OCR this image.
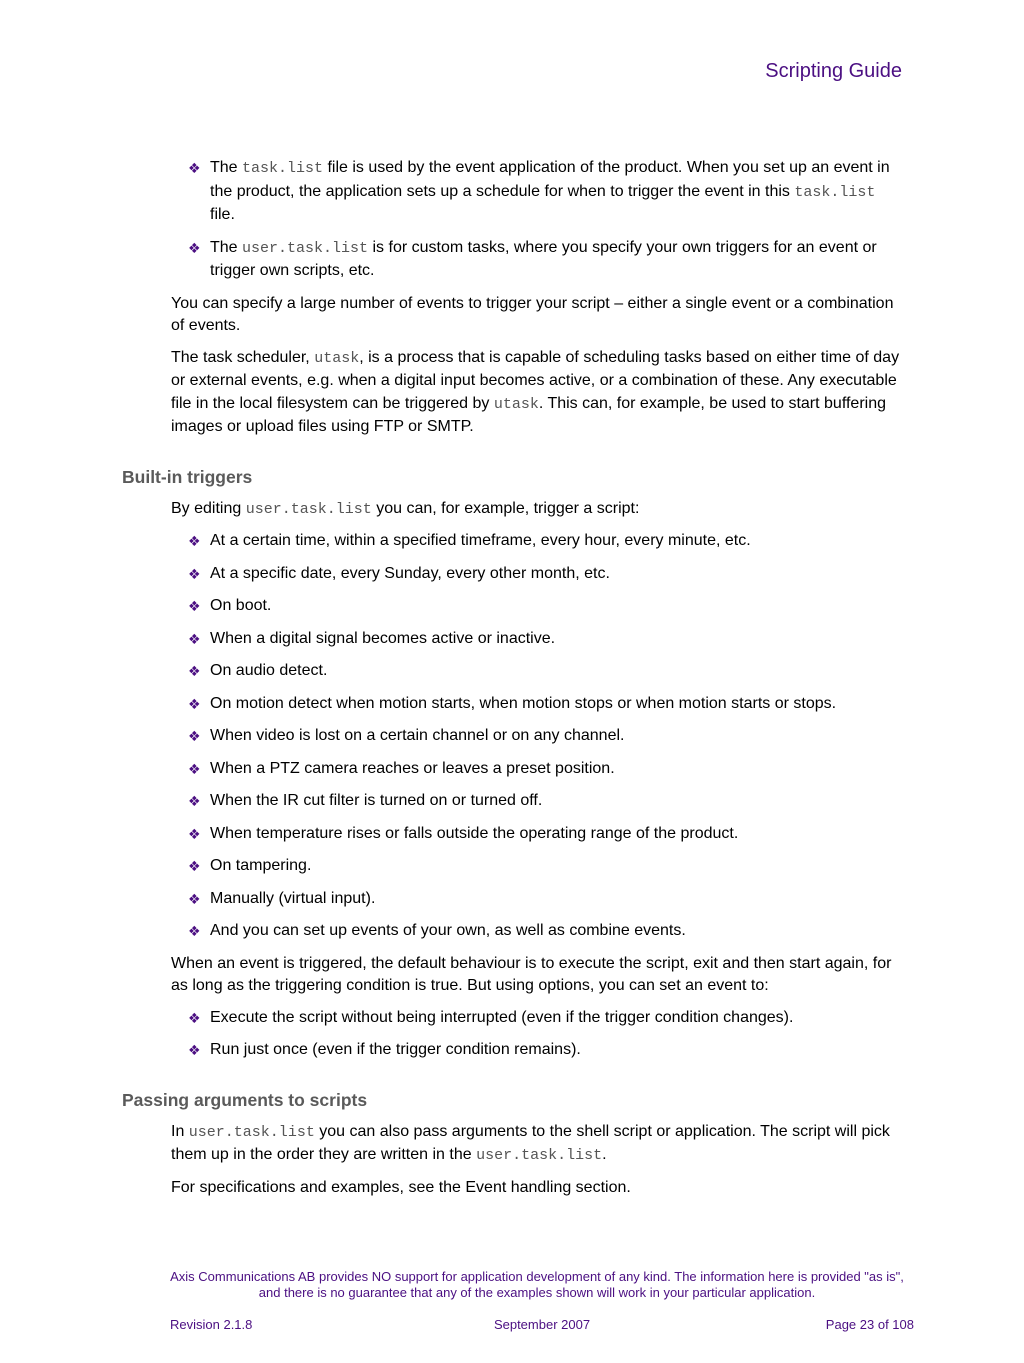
Scripting Guide
❖ The task.list file is used by the event application of the product. When you set up an event in the product, the application sets up a schedule for when to trigger the event in this task.list file.
❖ The user.task.list is for custom tasks, where you specify your own triggers for an event or trigger own scripts, etc.

You can specify a large number of events to trigger your script – either a single event or a combination of events.

The task scheduler, utask, is a process that is capable of scheduling tasks based on either time of day or external events, e.g. when a digital input becomes active, or a combination of these. Any executable file in the local filesystem can be triggered by utask. This can, for example, be used to start buffering images or upload files using FTP or SMTP.

Built-in triggers

By editing user.task.list you can, for example, trigger a script:

❖ At a certain time, within a specified timeframe, every hour, every minute, etc.
❖ At a specific date, every Sunday, every other month, etc.
❖ On boot.
❖ When a digital signal becomes active or inactive.
❖ On audio detect.
❖ On motion detect when motion starts, when motion stops or when motion starts or stops.
❖ When video is lost on a certain channel or on any channel.
❖ When a PTZ camera reaches or leaves a preset position.
❖ When the IR cut filter is turned on or turned off.
❖ When temperature rises or falls outside the operating range of the product.
❖ On tampering.
❖ Manually (virtual input).
❖ And you can set up events of your own, as well as combine events.

When an event is triggered, the default behaviour is to execute the script, exit and then start again, for as long as the triggering condition is true. But using options, you can set an event to:

❖ Execute the script without being interrupted (even if the trigger condition changes).
❖ Run just once (even if the trigger condition remains).
Passing arguments to scripts

In user.task.list you can also pass arguments to the shell script or application. The script will pick them up in the order they are written in the user.task.list.

For specifications and examples, see the Event handling section.

Axis Communications AB provides NO support for application development of any kind. The information here is provided "as is", and there is no guarantee that any of the examples shown will work in your particular application.
Revision 2.1.8	September 2007	Page 23 of 108
